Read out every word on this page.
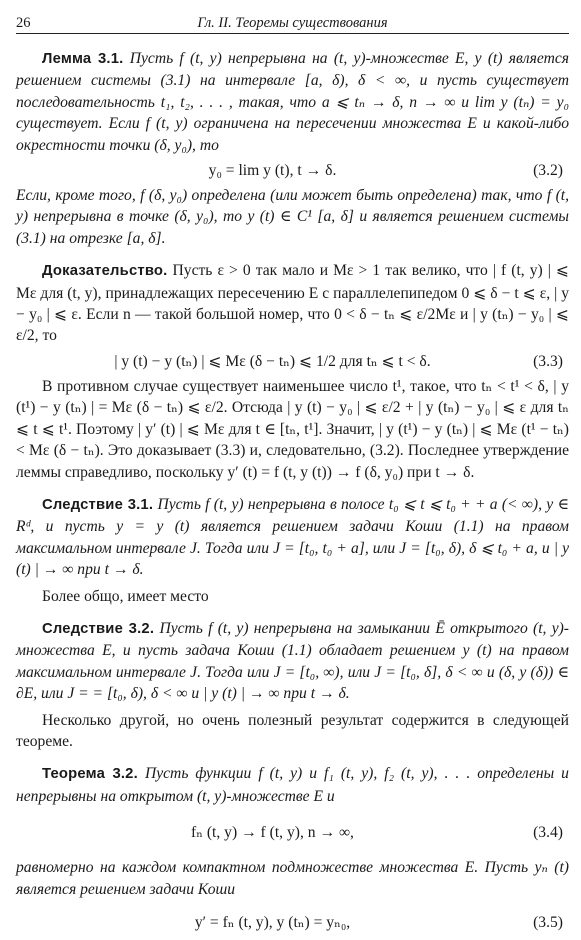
26	Гл. II. Теоремы существования

Лемма 3.1. Пусть f (t, y) непрерывна на (t, y)-множестве E, y (t) является решением системы (3.1) на интервале [a, δ), δ < ∞, и пусть существует последовательность t₁, t₂, . . . , такая, что a ⩽ tₙ → δ, n → ∞ и lim y (tₙ) = y₀ существует. Если f (t, y) ограничена на пересечении множества E и какой-либо окрестности точки (δ, y₀), то

y₀ = lim y (t), t → δ.	(3.2)

Если, кроме того, f (δ, y₀) определена (или может быть определена) так, что f (t, y) непрерывна в точке (δ, y₀), то y (t) ∈ C¹ [a, δ] и является решением системы (3.1) на отрезке [a, δ].

Доказательство. Пусть ε > 0 так мало и Mε > 1 так велико, что | f (t, y) | ⩽ Mε для (t, y), принадлежащих пересечению E с параллелепипедом 0 ⩽ δ − t ⩽ ε, | y − y₀ | ⩽ ε. Если n — такой большой номер, что 0 < δ − tₙ ⩽ ε/2Mε и | y (tₙ) − y₀ | ⩽ ε/2, то

| y (t) − y (tₙ) | ⩽ Mε (δ − tₙ) ⩽ 1/2 для tₙ ⩽ t < δ.	(3.3)

В противном случае существует наименьшее число t¹, такое, что tₙ < t¹ < δ, | y (t¹) − y (tₙ) | = Mε (δ − tₙ) ⩽ ε/2. Отсюда | y (t) − y₀ | ⩽ ε/2 + | y (tₙ) − y₀ | ⩽ ε для tₙ ⩽ t ⩽ t¹. Поэтому | y′ (t) | ⩽ Mε для t ∈ [tₙ, t¹]. Значит, | y (t¹) − y (tₙ) | ⩽ Mε (t¹ − tₙ) < Mε (δ − tₙ). Это доказывает (3.3) и, следовательно, (3.2). Последнее утверждение леммы справедливо, поскольку y′ (t) = f (t, y (t)) → f (δ, y₀) при t → δ.

Следствие 3.1. Пусть f (t, y) непрерывна в полосе t₀ ⩽ t ⩽ t₀ + + a (< ∞), y ∈ Rᵈ, и пусть y = y (t) является решением задачи Коши (1.1) на правом максимальном интервале J. Тогда или J = [t₀, t₀ + a], или J = [t₀, δ), δ ⩽ t₀ + a, и | y (t) | → ∞ при t → δ.

Более общо, имеет место

Следствие 3.2. Пусть f (t, y) непрерывна на замыкании Ē открытого (t, y)-множества E, и пусть задача Коши (1.1) обладает решением y (t) на правом максимальном интервале J. Тогда или J = [t₀, ∞), или J = [t₀, δ], δ < ∞ и (δ, y (δ)) ∈ ∂E, или J = = [t₀, δ), δ < ∞ и | y (t) | → ∞ при t → δ.

Несколько другой, но очень полезный результат содержится в следующей теореме.

Теорема 3.2. Пусть функции f (t, y) и f₁ (t, y), f₂ (t, y), . . . определены и непрерывны на открытом (t, y)-множестве E и

fₙ (t, y) → f (t, y), n → ∞,	(3.4)

равномерно на каждом компактном подмножестве множества E. Пусть yₙ (t) является решением задачи Коши

y′ = fₙ (t, y), y (tₙ) = yₙ₀,	(3.5)
